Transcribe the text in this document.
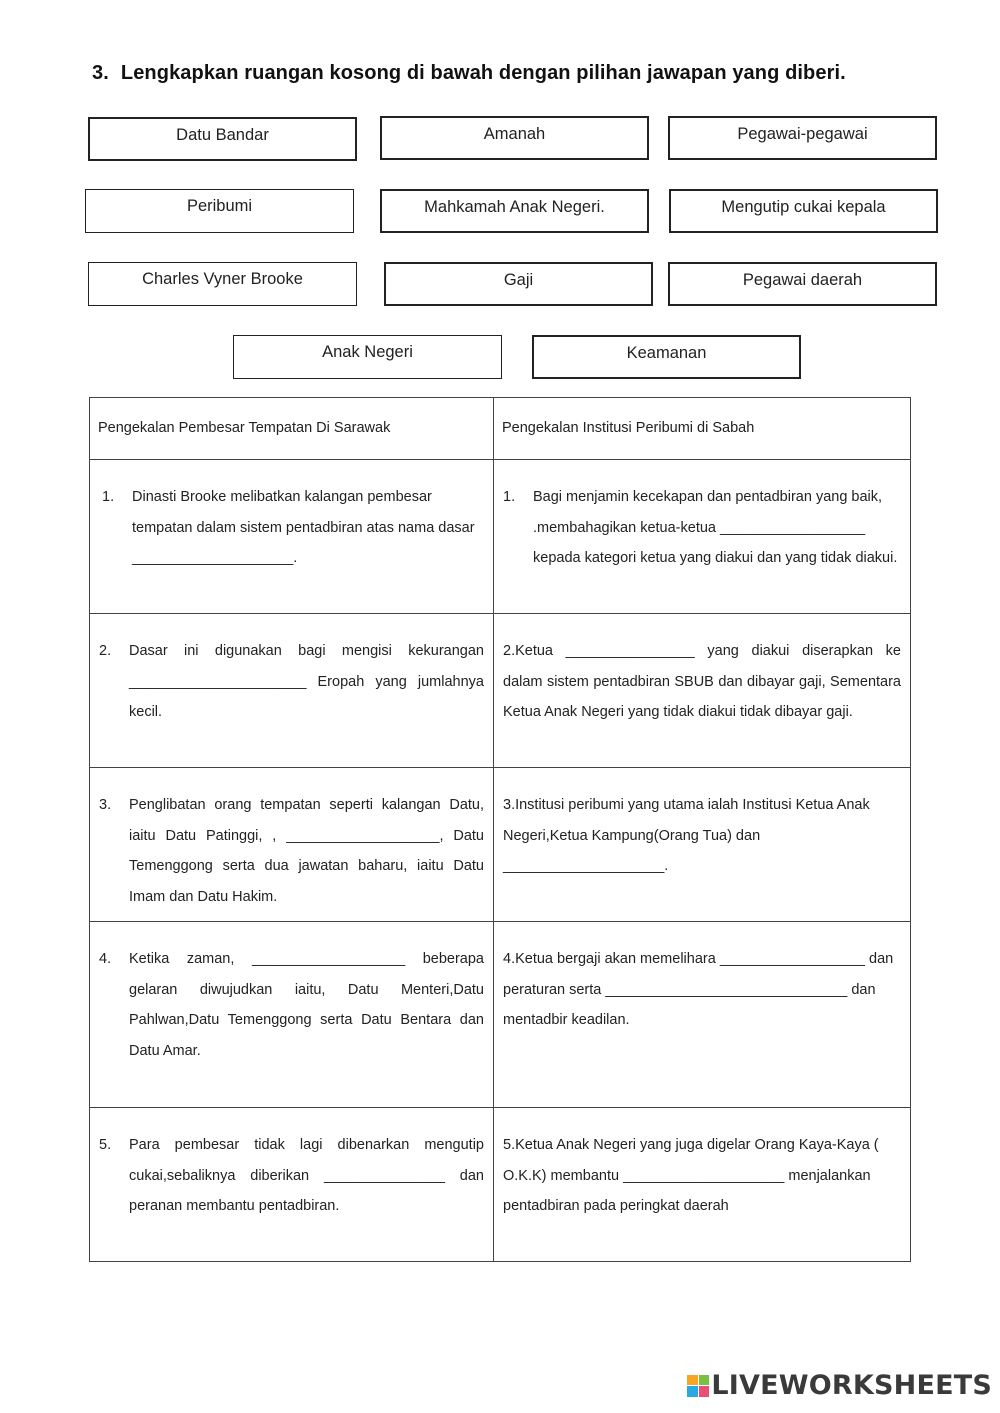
3. Lengkapkan ruangan kosong di bawah dengan pilihan jawapan yang diberi.
Datu Bandar	Amanah	Pegawai-pegawai
Peribumi	Mahkamah Anak Negeri.	Mengutip cukai kepala
Charles Vyner Brooke	Gaji	Pegawai daerah
Anak Negeri	Keamanan
Pengekalan Pembesar Tempatan Di Sarawak	Pengekalan Institusi Peribumi di Sabah

1. Dinasti Brooke melibatkan kalangan pembesar tempatan dalam sistem pentadbiran atas nama dasar ____________________.	1. Bagi menjamin kecekapan dan pentadbiran yang baik, .membahagikan ketua-ketua __________________ kepada kategori ketua yang diakui dan yang tidak diakui.

2. Dasar ini digunakan bagi mengisi kekurangan ______________________ Eropah yang jumlahnya kecil.	2.Ketua ________________ yang diakui diserapkan ke dalam sistem pentadbiran SBUB dan dibayar gaji, Sementara Ketua Anak Negeri yang tidak diakui tidak dibayar gaji.

3. Penglibatan orang tempatan seperti kalangan Datu, iaitu Datu Patinggi, , ___________________, Datu Temenggong serta dua jawatan baharu, iaitu Datu Imam dan Datu Hakim.	3.Institusi peribumi yang utama ialah Institusi Ketua Anak Negeri,Ketua Kampung(Orang Tua) dan ____________________.

4. Ketika zaman, ___________________ beberapa gelaran diwujudkan iaitu, Datu Menteri,Datu Pahlwan,Datu Temenggong serta Datu Bentara dan Datu Amar.	4.Ketua bergaji akan memelihara __________________ dan peraturan serta ______________________________ dan mentadbir keadilan.

5. Para pembesar tidak lagi dibenarkan mengutip cukai,sebaliknya diberikan _______________ dan peranan membantu pentadbiran.	5.Ketua Anak Negeri yang juga digelar Orang Kaya-Kaya ( O.K.K) membantu ____________________ menjalankan pentadbiran pada peringkat daerah
LIVEWORKSHEETS
